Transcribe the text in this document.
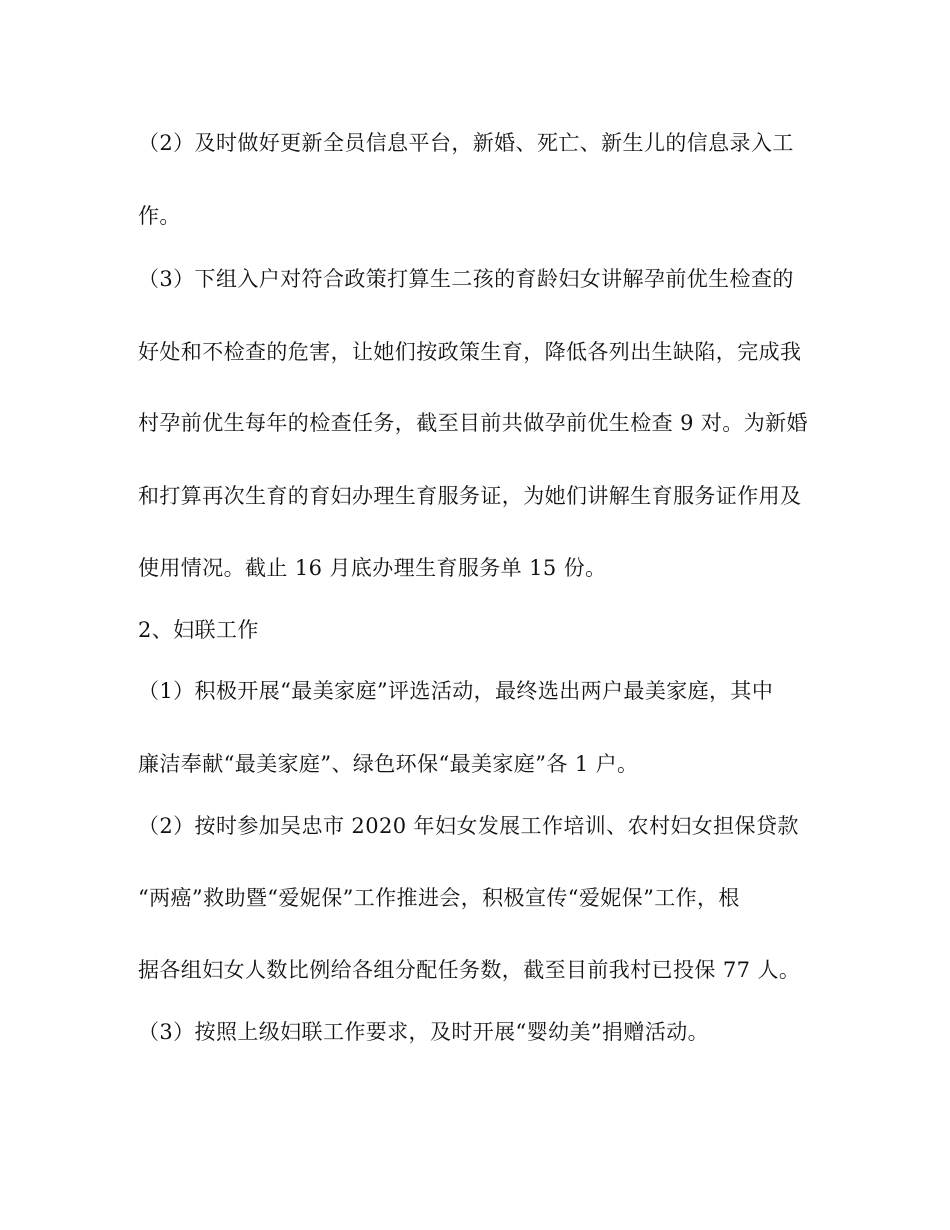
（2）及时做好更新全员信息平台，新婚、死亡、新生儿的信息录入工
作。
（3）下组入户对符合政策打算生二孩的育龄妇女讲解孕前优生检查的
好处和不检查的危害，让她们按政策生育，降低各列出生缺陷，完成我
村孕前优生每年的检查任务，截至目前共做孕前优生检查 9 对。为新婚
和打算再次生育的育妇办理生育服务证，为她们讲解生育服务证作用及
使用情况。截止 16 月底办理生育服务单 15 份。
2、妇联工作
（1）积极开展“最美家庭”评选活动，最终选出两户最美家庭，其中
廉洁奉献“最美家庭”、绿色环保“最美家庭”各 1 户。
（2）按时参加吴忠市 2020 年妇女发展工作培训、农村妇女担保贷款
“两癌”救助暨“爱妮保”工作推进会，积极宣传“爱妮保”工作，根
据各组妇女人数比例给各组分配任务数，截至目前我村已投保 77 人。
（3）按照上级妇联工作要求，及时开展“婴幼美”捐赠活动。
